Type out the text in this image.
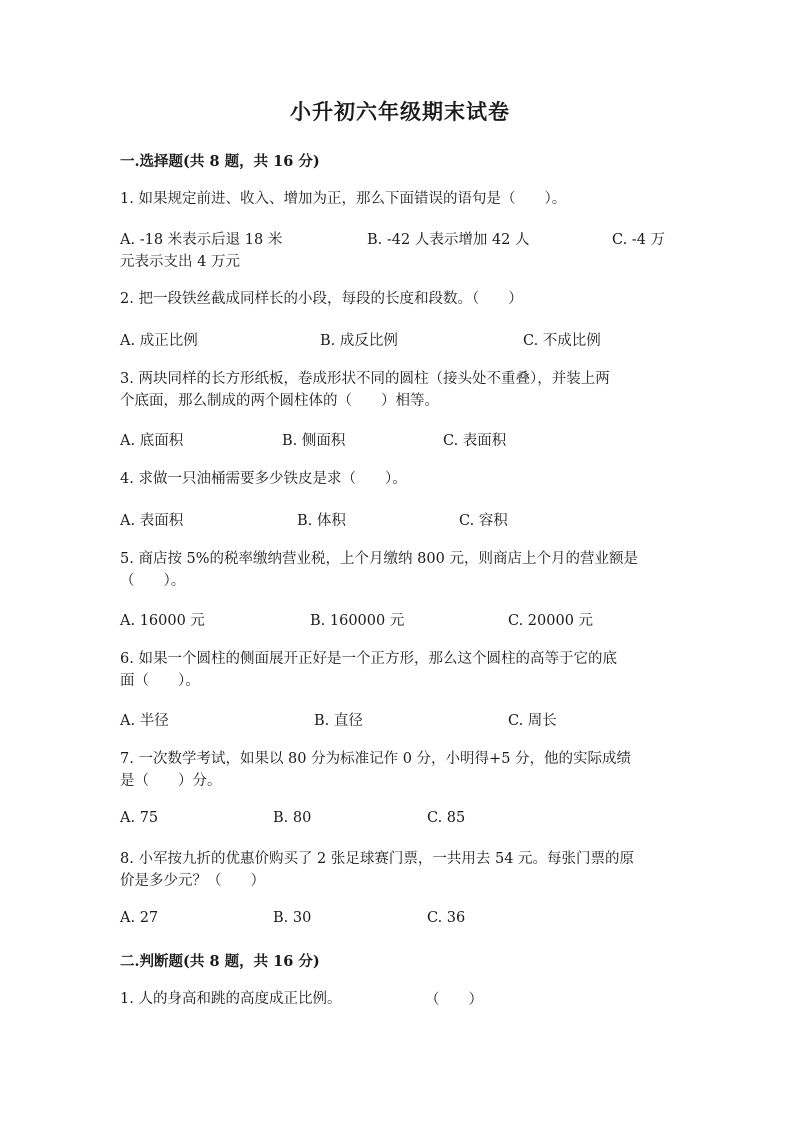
小升初六年级期末试卷
一.选择题(共 8 题，共 16 分)
1. 如果规定前进、收入、增加为正，那么下面错误的语句是（　　）。
A. -18 米表示后退 18 米	B. -42 人表示增加 42 人	C. -4 万
元表示支出 4 万元
2. 把一段铁丝截成同样长的小段，每段的长度和段数。（　　）
A. 成正比例	B. 成反比例	C. 不成比例
3. 两块同样的长方形纸板，卷成形状不同的圆柱（接头处不重叠），并装上两
个底面，那么制成的两个圆柱体的（　　）相等。
A. 底面积	B. 侧面积	C. 表面积
4. 求做一只油桶需要多少铁皮是求（　　）。
A. 表面积	B. 体积	C. 容积
5. 商店按 5%的税率缴纳营业税，上个月缴纳 800 元，则商店上个月的营业额是
（　　）。
A. 16000 元	B. 160000 元	C. 20000 元
6. 如果一个圆柱的侧面展开正好是一个正方形，那么这个圆柱的高等于它的底
面（　　）。
A. 半径	B. 直径	C. 周长
7. 一次数学考试，如果以 80 分为标准记作 0 分，小明得+5 分，他的实际成绩
是（　　）分。
A. 75	B. 80	C. 85
8. 小军按九折的优惠价购买了 2 张足球赛门票，一共用去 54 元。每张门票的原
价是多少元？（　　）
A. 27	B. 30	C. 36
二.判断题(共 8 题，共 16 分)
1. 人的身高和跳的高度成正比例。	（　　）
